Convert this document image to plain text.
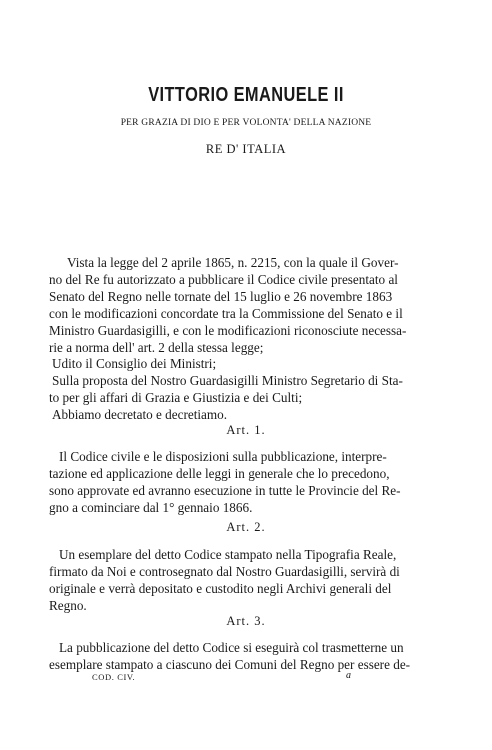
VITTORIO EMANUELE II
PER GRAZIA DI DIO E PER VOLONTA' DELLA NAZIONE
RE D' ITALIA
Vista la legge del 2 aprile 1865, n. 2215, con la quale il Gover-
no del Re fu autorizzato a pubblicare il Codice civile presentato al
Senato del Regno nelle tornate del 15 luglio e 26 novembre 1863
con le modificazioni concordate tra la Commissione del Senato e il
Ministro Guardasigilli, e con le modificazioni riconosciute necessa-
rie a norma dell' art. 2 della stessa legge;
Udito il Consiglio dei Ministri;
Sulla proposta del Nostro Guardasigilli Ministro Segretario di Sta-
to per gli affari di Grazia e Giustizia e dei Culti;
Abbiamo decretato e decretiamo.
Art. 1.
Il Codice civile e le disposizioni sulla pubblicazione, interpre-
tazione ed applicazione delle leggi in generale che lo precedono,
sono approvate ed avranno esecuzione in tutte le Provincie del Re-
gno a cominciare dal 1° gennaio 1866.
Art. 2.
Un esemplare del detto Codice stampato nella Tipografia Reale,
firmato da Noi e controsegnato dal Nostro Guardasigilli, servirà di
originale e verrà depositato e custodito negli Archivi generali del
Regno.
Art. 3.
La pubblicazione del detto Codice si eseguirà col trasmetterne un
esemplare stampato a ciascuno dei Comuni del Regno per essere de-
COD. CIV.	a
